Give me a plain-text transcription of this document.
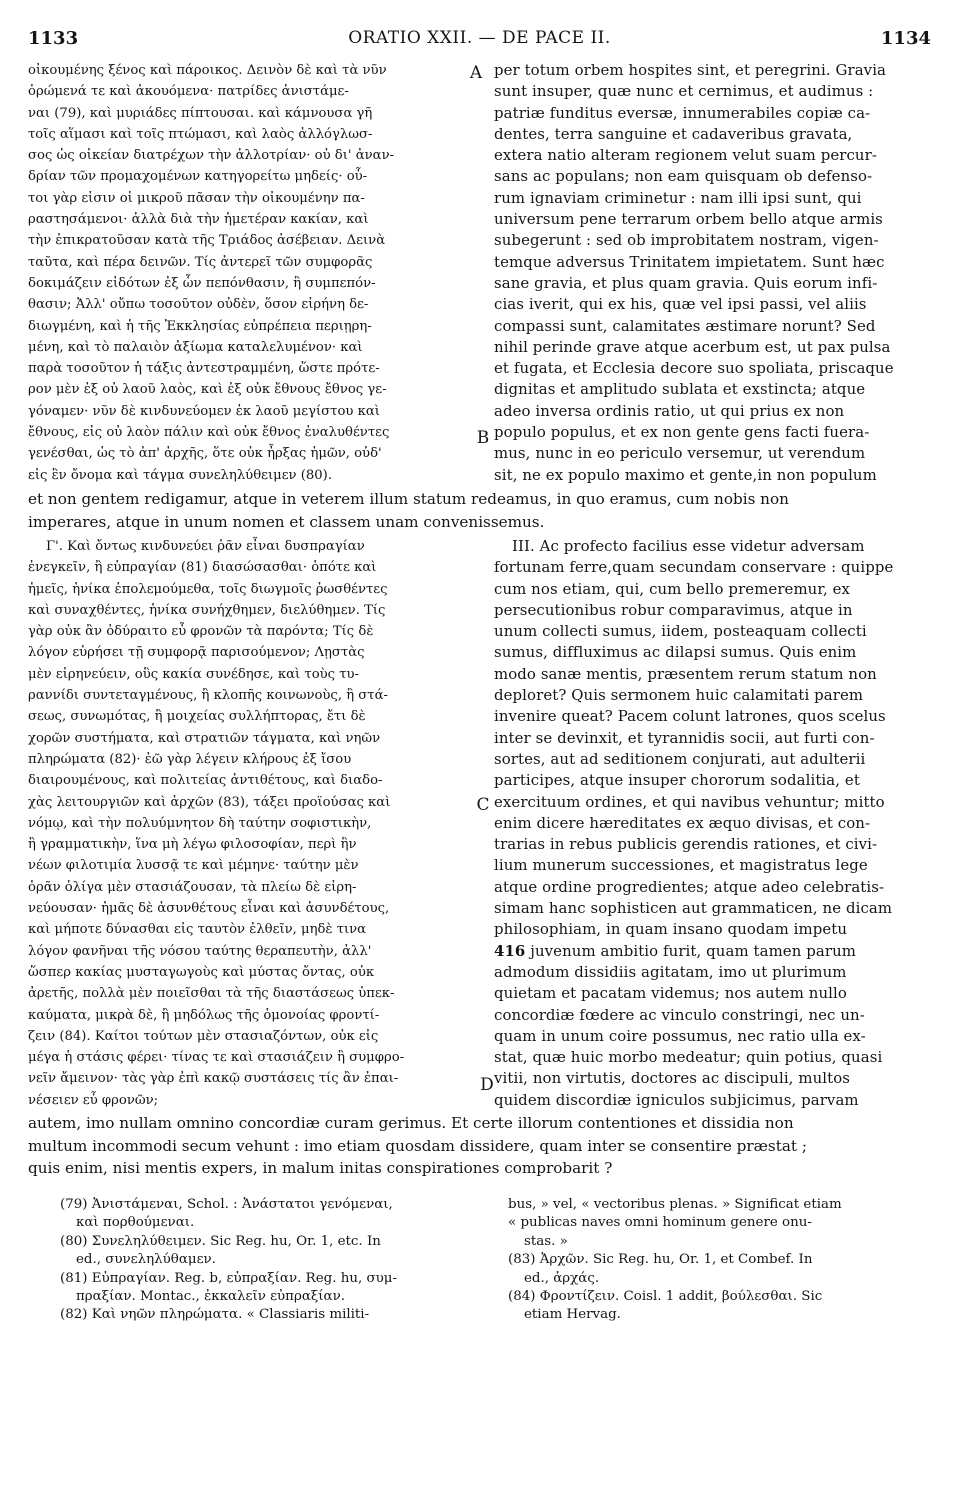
1133	ORATIO XXII. — DE PACE II.	1134
οἰκουμένης ξένος καὶ πάροικος. Δεινὸν δὲ καὶ τὰ νῦν
ὁρώμενά τε καὶ ἀκουόμενα· πατρίδες ἀνιστάμε-
ναι (79), καὶ μυριάδες πίπτουσαι. καὶ κάμνουσα γῆ
τοῖς αἵμασι καὶ τοῖς πτώμασι, καὶ λαὸς ἀλλόγλωσ-
σος ὡς οἰκείαν διατρέχων τὴν ἀλλοτρίαν· οὐ δι' ἀναν-
δρίαν τῶν προμαχομένων κατηγορείτω μηδείς· οὗ-
τοι γὰρ εἰσιν οἱ μικροῦ πᾶσαν τὴν οἰκουμένην πα-
ραστησάμενοι· ἀλλὰ διὰ τὴν ἡμετέραν κακίαν, καὶ
τὴν ἐπικρατοῦσαν κατὰ τῆς Τριάδος ἀσέβειαν. Δεινὰ
ταῦτα, καὶ πέρα δεινῶν. Τίς ἀντερεῖ τῶν συμφορᾶς
δοκιμάζειν εἰδότων ἐξ ὧν πεπόνθασιν, ἢ συμπεπόν-
θασιν; Ἀλλ' οὔπω τοσοῦτον οὐδὲν, ὅσον εἰρήνη δε-
διωγμένη, καὶ ἡ τῆς Ἐκκλησίας εὐπρέπεια περιῃρη-
μένη, καὶ τὸ παλαιὸν ἀξίωμα καταλελυμένον· καὶ
παρὰ τοσοῦτον ἡ τάξις ἀντεστραμμένη, ὥστε πρότε-
ρον μὲν ἐξ οὐ λαοῦ λαὸς, καὶ ἐξ οὐκ ἔθνους ἔθνος γε-
γόναμεν· νῦν δὲ κινδυνεύομεν ἐκ λαοῦ μεγίστου καὶ
ἔθνους, εἰς οὐ λαὸν πάλιν καὶ οὐκ ἔθνος ἐναλυθέντες
γενέσθαι, ὡς τὸ ἀπ' ἀρχῆς, ὅτε οὐκ ἦρξας ἡμῶν, οὐδ'
εἰς ἓν ὄνομα καὶ τάγμα συνεληλύθειμεν (80).
per totum orbem hospites sint, et peregrini. Gravia
sunt insuper, quæ nunc et cernimus, et audimus :
patriæ funditus eversæ, innumerabiles copiæ ca-
dentes, terra sanguine et cadaveribus gravata,
extera natio alteram regionem velut suam percur-
sans ac populans; non eam quisquam ob defenso-
rum ignaviam criminetur : nam illi ipsi sunt, qui
universum pene terrarum orbem bello atque armis
subegerunt : sed ob improbitatem nostram, vigen-
temque adversus Trinitatem impietatem. Sunt hæc
sane gravia, et plus quam gravia. Quis eorum infi-
cias iverit, qui ex his, quæ vel ipsi passi, vel aliis
compassi sunt, calamitates æstimare norunt? Sed
nihil perinde grave atque acerbum est, ut pax pulsa
et fugata, et Ecclesia decore suo spoliata, priscaque
dignitas et amplitudo sublata et exstincta; atque
adeo inversa ordinis ratio, ut qui prius ex non
populo populus, et ex non gente gens facti fuera-
mus, nunc in eo periculo versemur, ut verendum
sit, ne ex populo maximo et gente,in non populum
et non gentem redigamur, atque in veterem illum statum redeamus, in quo eramus, cum nobis non
imperares, atque in unum nomen et classem unam convenissemus.
Γ'. Καὶ ὄντως κινδυνεύει ῥᾶν εἶναι δυσπραγίαν
ἐνεγκεῖν, ἢ εὐπραγίαν (81) διασώσασθαι· ὁπότε καὶ
ἡμεῖς, ἡνίκα ἐπολεμούμεθα, τοῖς διωγμοῖς ῥωσθέντες
καὶ συναχθέντες, ἡνίκα συνήχθημεν, διελύθημεν. Τίς
γὰρ οὐκ ἂν ὀδύραιτο εὖ φρονῶν τὰ παρόντα; Τίς δὲ
λόγον εὑρήσει τῇ συμφορᾷ παρισούμενον; Λῃστὰς
μὲν εἰρηνεύειν, οὓς κακία συνέδησε, καὶ τοὺς τυ-
ραννίδι συντεταγμένους, ἢ κλοπῆς κοινωνοὺς, ἢ στά-
σεως, συνωμότας, ἢ μοιχείας συλλήπτορας, ἔτι δὲ
χορῶν συστήματα, καὶ στρατιῶν τάγματα, καὶ νηῶν
πληρώματα (82)· ἐῶ γὰρ λέγειν κλήρους ἐξ ἴσου
διαιρουμένους, καὶ πολιτείας ἀντιθέτους, καὶ διαδο-
χὰς λειτουργιῶν καὶ ἀρχῶν (83), τάξει προϊούσας καὶ
νόμῳ, καὶ τὴν πολυύμνητον δὴ ταύτην σοφιστικὴν,
ἢ γραμματικὴν, ἵνα μὴ λέγω φιλοσοφίαν, περὶ ἣν
νέων φιλοτιμία λυσσᾷ τε καὶ μέμηνε· ταύτην μὲν
ὁρᾶν ὀλίγα μὲν στασιάζουσαν, τὰ πλείω δὲ εἰρη-
νεύουσαν· ἡμᾶς δὲ ἀσυνθέτους εἶναι καὶ ἀσυνδέτους,
καὶ μήποτε δύνασθαι εἰς ταυτὸν ἐλθεῖν, μηδὲ τινα
λόγον φανῆναι τῆς νόσου ταύτης θεραπευτὴν, ἀλλ'
ὥσπερ κακίας μυσταγωγοὺς καὶ μύστας ὄντας, οὐκ
ἀρετῆς, πολλὰ μὲν ποιεῖσθαι τὰ τῆς διαστάσεως ὑπεκ-
καύματα, μικρὰ δὲ, ἢ μηδόλως τῆς ὁμονοίας φροντί-
ζειν (84). Καίτοι τούτων μὲν στασιαζόντων, οὐκ εἰς
μέγα ἡ στάσις φέρει· τίνας τε καὶ στασιάζειν ἢ συμφρο-
νεῖν ἄμεινον· τὰς γὰρ ἐπὶ κακῷ συστάσεις τίς ἂν ἐπαι-
νέσειεν εὖ φρονῶν;
III. Ac profecto facilius esse videtur adversam
fortunam ferre,quam secundam conservare : quippe
cum nos etiam, qui, cum bello premeremur, ex
persecutionibus robur comparavimus, atque in
unum collecti sumus, iidem, posteaquam collecti
sumus, diffluximus ac dilapsi sumus. Quis enim
modo sanæ mentis, præsentem rerum statum non
deploret? Quis sermonem huic calamitati parem
invenire queat? Pacem colunt latrones, quos scelus
inter se devinxit, et tyrannidis socii, aut furti con-
sortes, aut ad seditionem conjurati, aut adulterii
participes, atque insuper chororum sodalitia, et
exercituum ordines, et qui navibus vehuntur; mitto
enim dicere hæreditates ex æquo divisas, et con-
trarias in rebus publicis gerendis rationes, et civi-
lium munerum successiones, et magistratus lege
atque ordine progredientes; atque adeo celebratis-
simam hanc sophisticen aut grammaticen, ne dicam
philosophiam, in quam insano quodam impetu
416 juvenum ambitio furit, quam tamen parum
admodum dissidiis agitatam, imo ut plurimum
quietam et pacatam videmus; nos autem nullo
concordiæ fœdere ac vinculo constringi, nec un-
quam in unum coire possumus, nec ratio ulla ex-
stat, quæ huic morbo medeatur; quin potius, quasi
vitii, non virtutis, doctores ac discipuli, multos
quidem discordiæ igniculos subjicimus, parvam
autem, imo nullam omnino concordiæ curam gerimus. Et certe illorum contentiones et dissidia non
multum incommodi secum vehunt : imo etiam quosdam dissidere, quam inter se consentire præstat ;
quis enim, nisi mentis expers, in malum initas conspirationes comprobarit ?
A
B
C
D
(79) Ἀνιστάμεναι, Schol. : Ἀνάστατοι γενόμεναι,
καὶ πορθούμεναι.
(80) Συνεληλύθειμεν. Sic Reg. hu, Or. 1, etc. In
ed., συνεληλύθαμεν.
(81) Εὐπραγίαν. Reg. b, εὐπραξίαν. Reg. hu, συμ-
πραξίαν. Montac., ἐκκαλεῖν εὐπραξίαν.
(82) Καὶ νηῶν πληρώματα. « Classiaris militi-
bus, » vel, « vectoribus plenas. » Significat etiam
« publicas naves omni hominum genere onu-
stas. »
(83) Ἀρχῶν. Sic Reg. hu, Or. 1, et Combef. In
ed., ἀρχάς.
(84) Φροντίζειν. Coisl. 1 addit, βούλεσθαι. Sic
etiam Hervag.
